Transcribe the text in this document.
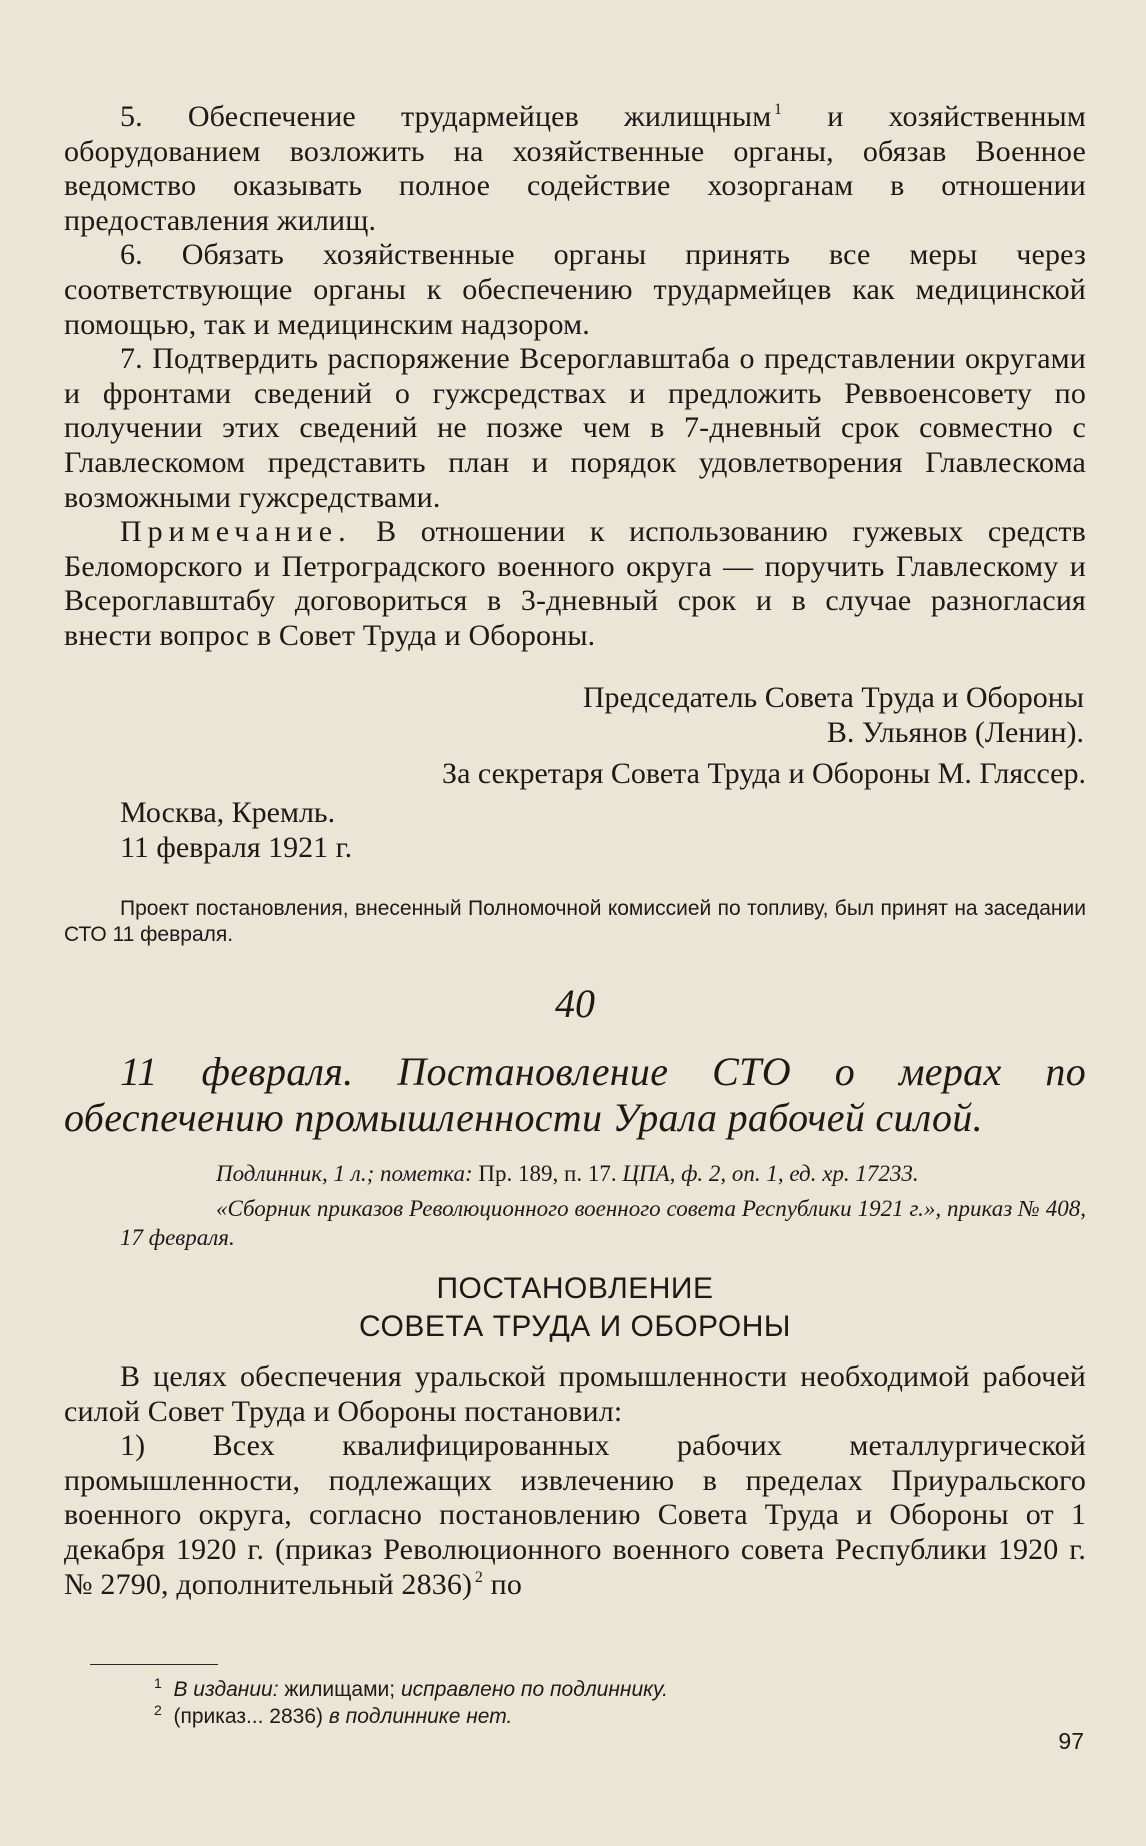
5. Обеспечение трудармейцев жилищным  $^1$ и хозяйственным оборудованием возложить на хозяйственные органы, обязав Военное ведомство оказывать полное содействие хозорганам в отношении предоставления жилищ.

6. Обязать хозяйственные органы принять все меры через соответствующие органы к обеспечению трудармейцев как медицинской помощью, так и медицинским надзором.

7. Подтвердить распоряжение Всероглавштаба о представлении округами и фронтами сведений о гужсредствах и предложить Реввоенсовету по получении этих сведений не позже чем в 7-дневный срок совместно с Главлескомом представить план и порядок удовлетворения Главлескома возможными гужсредствами.

Примечание. В отношении к использованию гужевых средств Беломорского и Петроградского военного округа — поручить Главлескому и Всероглавштабу договориться в 3-дневный срок и в случае разногласия внести вопрос в Совет Труда и Обороны.

Председатель Совета Труда и Обороны

В. Ульянов (Ленин).

За секретаря Совета Труда и Обороны М. Гляссер.

Москва, Кремль.

11 февраля 1921 г.

Проект постановления, внесенный Полномочной комиссией по топливу, был принят на заседании СТО 11 февраля.

40

11 февраля. Постановление СТО о мерах по обеспечению промышленности Урала рабочей силой.

Подлинник, 1 л.; пометка: Пр. 189, п. 17. ЦПА, ф. 2, оп. 1, ед. хр. 17233.

«Сборник приказов Революционного военного совета Республики 1921 г.», приказ № 408, 17 февраля.

ПОСТАНОВЛЕНИЕ

СОВЕТА ТРУДА И ОБОРОНЫ

В целях обеспечения уральской промышленности необходимой рабочей силой Совет Труда и Обороны постановил:

1) Всех квалифицированных рабочих металлургической промышленности, подлежащих извлечению в пределах Приуральского военного округа, согласно постановлению Совета Труда и Обороны от 1 декабря 1920 г. (приказ Революционного военного совета Республики 1920 г. № 2790, дополнительный 2836)  $^2$ по

$^1$ В издании: жилищами; исправлено по подлиннику.

$^2$ (приказ... 2836) в подлиннике нет.

97
